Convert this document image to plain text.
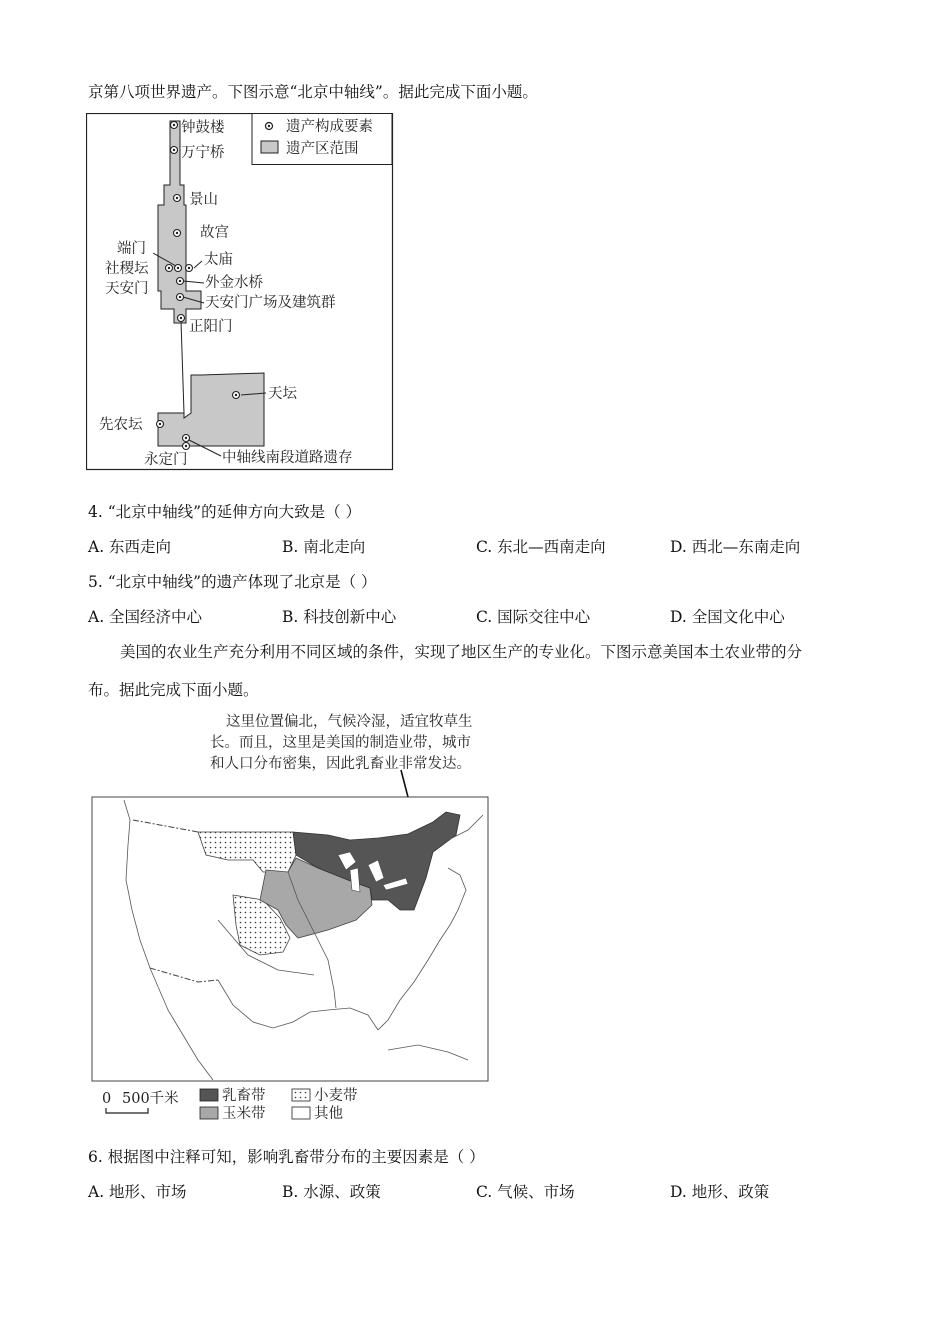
京第八项世界遗产。下图示意“北京中轴线”。据此完成下面小题。
遗产构成要素
遗产区范围
钟鼓楼
万宁桥
景山
故宫
端门
社稷坛
太庙
天安门	外金水桥
天安门广场及建筑群
正阳门
天坛
先农坛
永定门 中轴线南段道路遗存
4. “北京中轴线”的延伸方向大致是（ ）
A. 东西走向	B. 南北走向	C. 东北—西南走向	D. 西北—东南走向
5. “北京中轴线”的遗产体现了北京是（ ）
A. 全国经济中心	B. 科技创新中心	C. 国际交往中心	D. 全国文化中心
美国的农业生产充分利用不同区域的条件，实现了地区生产的专业化。下图示意美国本土农业带的分
布。据此完成下面小题。
这里位置偏北，气候冷湿，适宜牧草生
长。而且，这里是美国的制造业带，城市
和人口分布密集，因此乳畜业非常发达。
0 500千米	乳畜带	小麦带
玉米带	其他
6. 根据图中注释可知，影响乳畜带分布的主要因素是（ ）
A. 地形、市场	B. 水源、政策	C. 气候、市场	D. 地形、政策
